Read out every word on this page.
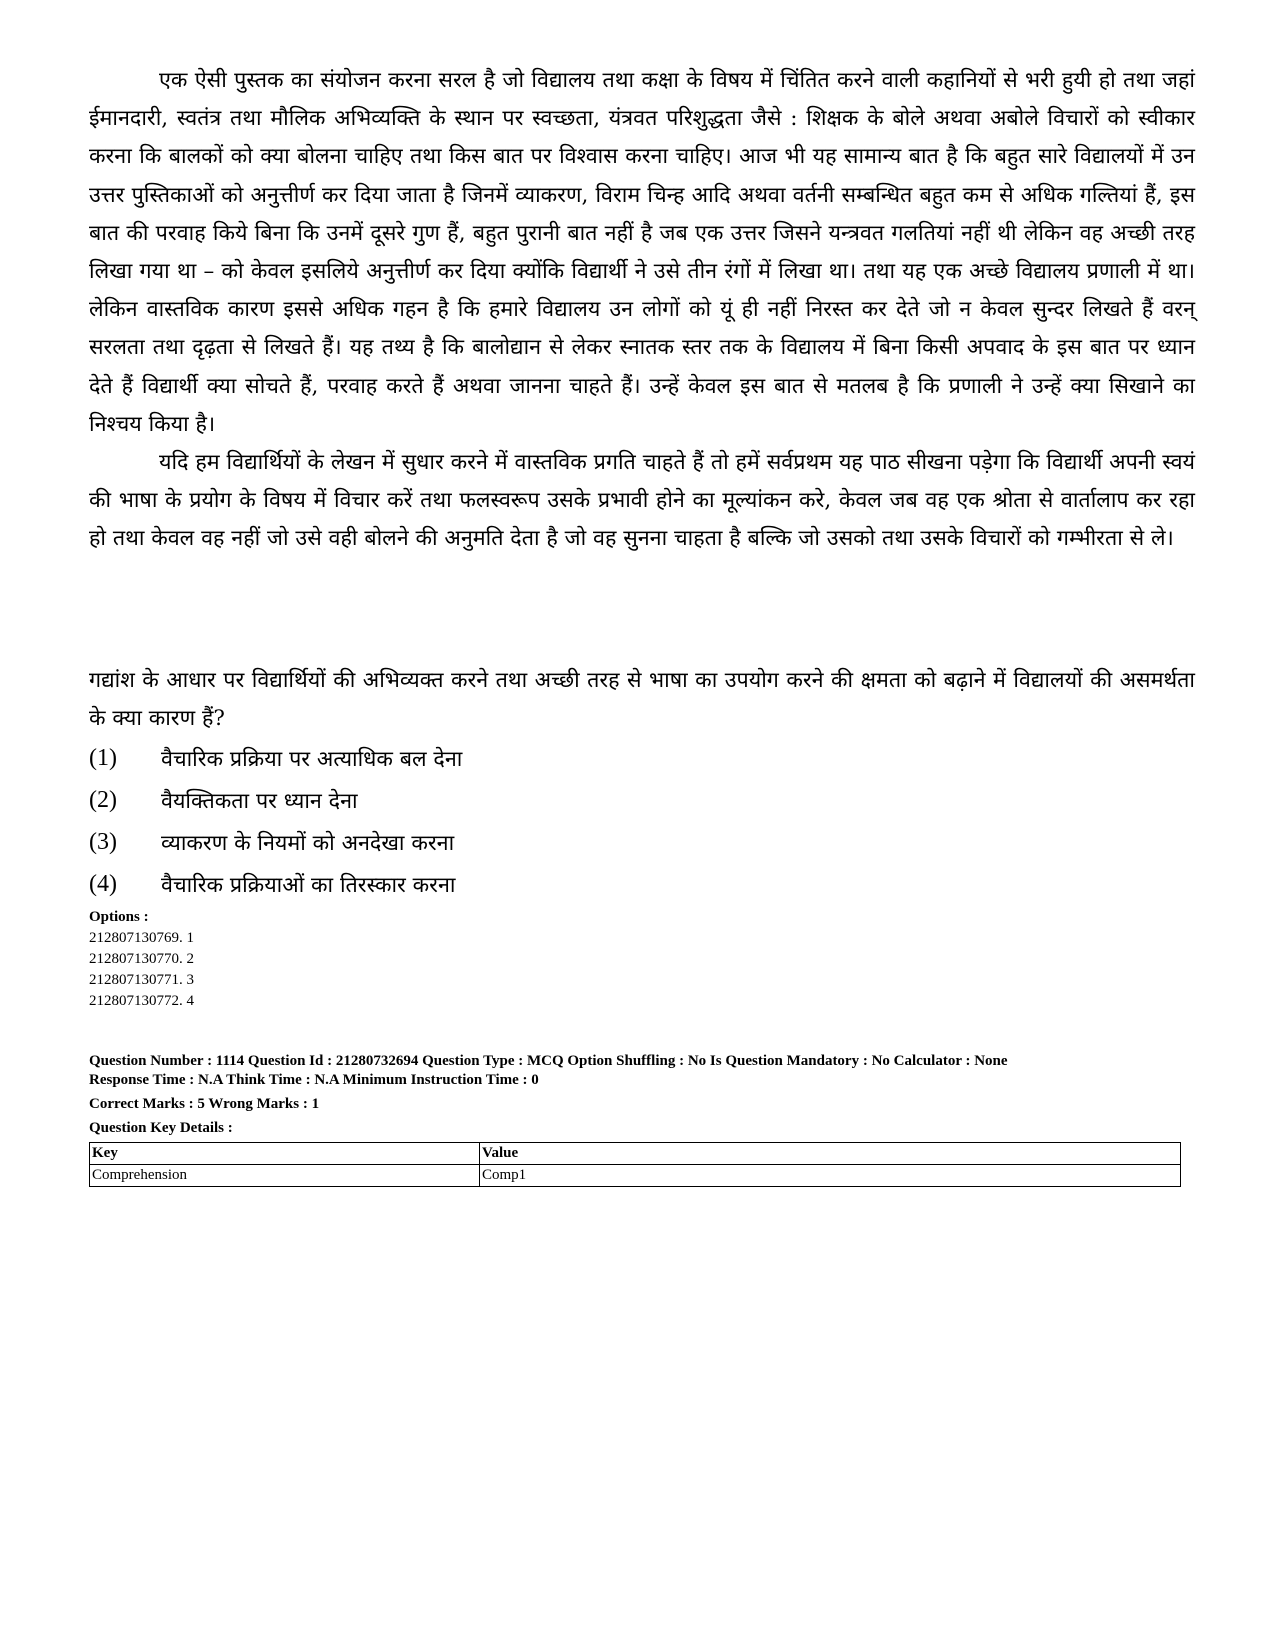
एक ऐसी पुस्तक का संयोजन करना सरल है जो विद्यालय तथा कक्षा के विषय में चिंतित करने वाली कहानियों से भरी हुयी हो तथा जहां ईमानदारी, स्वतंत्र तथा मौलिक अभिव्यक्ति के स्थान पर स्वच्छता, यंत्रवत परिशुद्धता जैसे : शिक्षक के बोले अथवा अबोले विचारों को स्वीकार करना कि बालकों को क्या बोलना चाहिए तथा किस बात पर विश्वास करना चाहिए। आज भी यह सामान्य बात है कि बहुत सारे विद्यालयों में उन उत्तर पुस्तिकाओं को अनुत्तीर्ण कर दिया जाता है जिनमें व्याकरण, विराम चिन्ह आदि अथवा वर्तनी सम्बन्धित बहुत कम से अधिक गल्तियां हैं, इस बात की परवाह किये बिना कि उनमें दूसरे गुण हैं, बहुत पुरानी बात नहीं है जब एक उत्तर जिसने यन्त्रवत गलतियां नहीं थी लेकिन वह अच्छी तरह लिखा गया था – को केवल इसलिये अनुत्तीर्ण कर दिया क्योंकि विद्यार्थी ने उसे तीन रंगों में लिखा था। तथा यह एक अच्छे विद्यालय प्रणाली में था। लेकिन वास्तविक कारण इससे अधिक गहन है कि हमारे विद्यालय उन लोगों को यूं ही नहीं निरस्त कर देते जो न केवल सुन्दर लिखते हैं वरन् सरलता तथा दृढ़ता से लिखते हैं। यह तथ्य है कि बालोद्यान से लेकर स्नातक स्तर तक के विद्यालय में बिना किसी अपवाद के इस बात पर ध्यान देते हैं विद्यार्थी क्या सोचते हैं, परवाह करते हैं अथवा जानना चाहते हैं। उन्हें केवल इस बात से मतलब है कि प्रणाली ने उन्हें क्या सिखाने का निश्चय किया है।

यदि हम विद्यार्थियों के लेखन में सुधार करने में वास्तविक प्रगति चाहते हैं तो हमें सर्वप्रथम यह पाठ सीखना पड़ेगा कि विद्यार्थी अपनी स्वयं की भाषा के प्रयोग के विषय में विचार करें तथा फलस्वरूप उसके प्रभावी होने का मूल्यांकन करे, केवल जब वह एक श्रोता से वार्तालाप कर रहा हो तथा केवल वह नहीं जो उसे वही बोलने की अनुमति देता है जो वह सुनना चाहता है बल्कि जो उसको तथा उसके विचारों को गम्भीरता से ले।

गद्यांश के आधार पर विद्यार्थियों की अभिव्यक्त करने तथा अच्छी तरह से भाषा का उपयोग करने की क्षमता को बढ़ाने में विद्यालयों की असमर्थता के क्या कारण हैं?

(1)	वैचारिक प्रक्रिया पर अत्याधिक बल देना
(2)	वैयक्तिकता पर ध्यान देना
(3)	व्याकरण के नियमों को अनदेखा करना
(4)	वैचारिक प्रक्रियाओं का तिरस्कार करना
Options :
212807130769. 1
212807130770. 2
212807130771. 3
212807130772. 4
Question Number : 1114 Question Id : 21280732694 Question Type : MCQ Option Shuffling : No Is Question Mandatory : No Calculator : None
Response Time : N.A Think Time : N.A Minimum Instruction Time : 0
Correct Marks : 5 Wrong Marks : 1
Question Key Details :
Key	Value
Comprehension	Comp1
